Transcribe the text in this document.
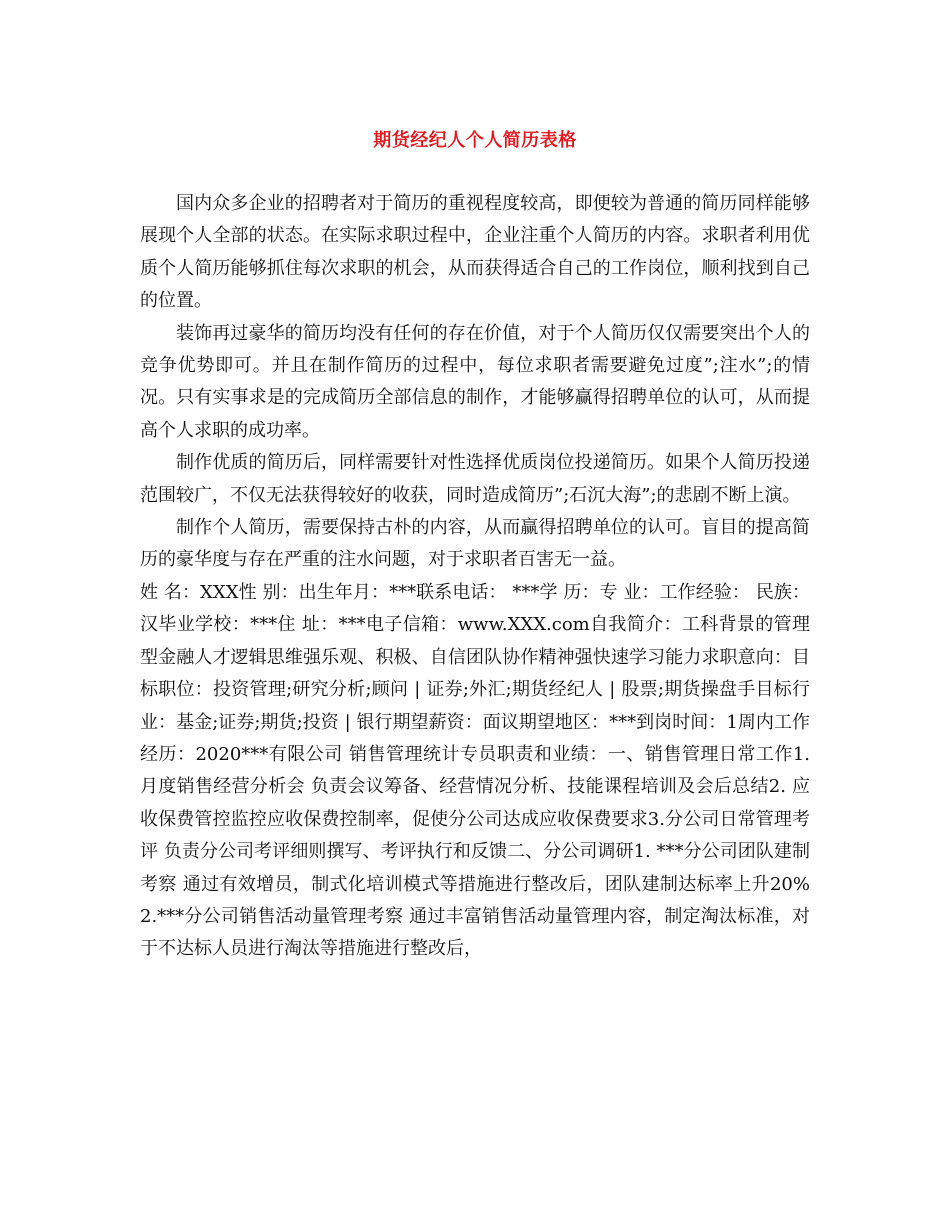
期货经纪人个人简历表格

国内众多企业的招聘者对于简历的重视程度较高，即便较为普通的简历同样能够展现个人全部的状态。在实际求职过程中，企业注重个人简历的内容。求职者利用优质个人简历能够抓住每次求职的机会，从而获得适合自己的工作岗位，顺利找到自己的位置。

装饰再过豪华的简历均没有任何的存在价值，对于个人简历仅仅需要突出个人的竞争优势即可。并且在制作简历的过程中，每位求职者需要避免过度”;注水”;的情况。只有实事求是的完成简历全部信息的制作，才能够赢得招聘单位的认可，从而提高个人求职的成功率。

制作优质的简历后，同样需要针对性选择优质岗位投递简历。如果个人简历投递范围较广，不仅无法获得较好的收获，同时造成简历”;石沉大海”;的悲剧不断上演。

制作个人简历，需要保持古朴的内容，从而赢得招聘单位的认可。盲目的提高简历的豪华度与存在严重的注水问题，对于求职者百害无一益。

姓 名：XXX性 别：出生年月：***联系电话： ***学 历：专 业：工作经验： 民族：汉毕业学校：***住 址：***电子信箱：www.XXX.com自我简介：工科背景的管理型金融人才逻辑思维强乐观、积极、自信团队协作精神强快速学习能力求职意向：目标职位：投资管理;研究分析;顾问 | 证券;外汇;期货经纪人 | 股票;期货操盘手目标行业：基金;证券;期货;投资 | 银行期望薪资：面议期望地区：***到岗时间：1周内工作经历：2020***有限公司 销售管理统计专员职责和业绩：一、销售管理日常工作1.月度销售经营分析会 负责会议筹备、经营情况分析、技能课程培训及会后总结2. 应收保费管控监控应收保费控制率，促使分公司达成应收保费要求3.分公司日常管理考评 负责分公司考评细则撰写、考评执行和反馈二、分公司调研1. ***分公司团队建制考察 通过有效增员，制式化培训模式等措施进行整改后，团队建制达标率上升20% 2.***分公司销售活动量管理考察 通过丰富销售活动量管理内容，制定淘汰标准，对于不达标人员进行淘汰等措施进行整改后，
